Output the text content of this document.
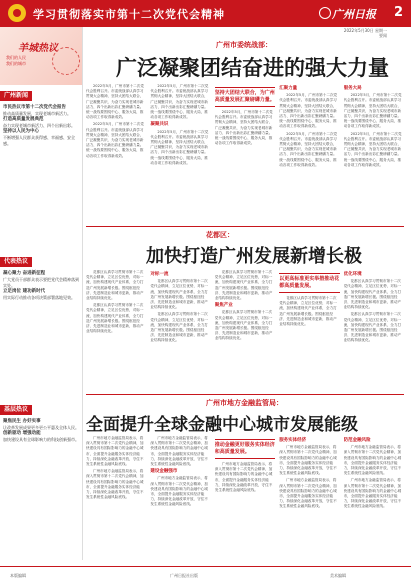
学习贯彻落实市第十二次党代会精神	广州日报 2
2022年5月30日 星期一
要闻
羊城热议
我们的人民
我们的城市
广州新闻
市民热议市第十二次党代会报告
推动高质量发展，实现老城市新活力。
打造高质量发展典范
奋力实现老城市新活力、四个出新出彩。
坚持以人民为中心
不断增强人民群众获得感、幸福感、安全感。
代表热议
凝心聚力 奋进新征程
广大党员干部群众表示要把党代会精神落到实处。
立足岗位 建功新时代
用实际行动推动各项决策部署落地见效。
基层热议
聚焦民生 办好实事
让改革发展成果更多更公平惠及全体人民。
创新驱动 增强动能
加快建设具有全球影响力的科技创新强市。
广州市委统战部：
广泛凝聚团结奋进的强大力量

2022年5月，广州市第十二次党代会胜利召开。市委统战部认真学习贯彻大会精神，坚持大团结大联合，广泛凝聚共识，为奋力实现老城市新活力、四个出新出彩汇聚磅礴力量。统一战线要围绕中心、服务大局，推动各项工作取得新成效。

2022年5月，广州市第十二次党代会胜利召开。市委统战部认真学习贯彻大会精神，坚持大团结大联合，广泛凝聚共识，为奋力实现老城市新活力、四个出新出彩汇聚磅礴力量。统一战线要围绕中心、服务大局，推动各项工作取得新成效。

2022年5月，广州市第十二次党代会胜利召开。市委统战部认真学习贯彻大会精神，坚持大团结大联合，广泛凝聚共识，为奋力实现老城市新活力、四个出新出彩汇聚磅礴力量。统一战线要围绕中心、服务大局，推动各项工作取得新成效。

凝聚共识

2022年5月，广州市第十二次党代会胜利召开。市委统战部认真学习贯彻大会精神，坚持大团结大联合，广泛凝聚共识，为奋力实现老城市新活力、四个出新出彩汇聚磅礴力量。统一战线要围绕中心、服务大局，推动各项工作取得新成效。

坚持大团结大联合，为广州高质量发展汇聚磅礴力量。

2022年5月，广州市第十二次党代会胜利召开。市委统战部认真学习贯彻大会精神，坚持大团结大联合，广泛凝聚共识，为奋力实现老城市新活力、四个出新出彩汇聚磅礴力量。统一战线要围绕中心、服务大局，推动各项工作取得新成效。

汇聚力量

2022年5月，广州市第十二次党代会胜利召开。市委统战部认真学习贯彻大会精神，坚持大团结大联合，广泛凝聚共识，为奋力实现老城市新活力、四个出新出彩汇聚磅礴力量。统一战线要围绕中心、服务大局，推动各项工作取得新成效。

2022年5月，广州市第十二次党代会胜利召开。市委统战部认真学习贯彻大会精神，坚持大团结大联合，广泛凝聚共识，为奋力实现老城市新活力、四个出新出彩汇聚磅礴力量。统一战线要围绕中心、服务大局，推动各项工作取得新成效。

服务大局

2022年5月，广州市第十二次党代会胜利召开。市委统战部认真学习贯彻大会精神，坚持大团结大联合，广泛凝聚共识，为奋力实现老城市新活力、四个出新出彩汇聚磅礴力量。统一战线要围绕中心、服务大局，推动各项工作取得新成效。

2022年5月，广州市第十二次党代会胜利召开。市委统战部认真学习贯彻大会精神，坚持大团结大联合，广泛凝聚共识，为奋力实现老城市新活力、四个出新出彩汇聚磅礴力量。统一战线要围绕中心、服务大局，推动各项工作取得新成效。

花都区：
加快打造广州发展新增长极

花都区认真学习贯彻市第十二次党代会精神，立足区位优势，对标一流，加快构建现代产业体系，全力打造广州发展新增长极。围绕枢纽经济、先进制造业和城市更新，推动产业结构持续优化。

花都区认真学习贯彻市第十二次党代会精神，立足区位优势，对标一流，加快构建现代产业体系，全力打造广州发展新增长极。围绕枢纽经济、先进制造业和城市更新，推动产业结构持续优化。

对标一流

花都区认真学习贯彻市第十二次党代会精神，立足区位优势，对标一流，加快构建现代产业体系，全力打造广州发展新增长极。围绕枢纽经济、先进制造业和城市更新，推动产业结构持续优化。

花都区认真学习贯彻市第十二次党代会精神，立足区位优势，对标一流，加快构建现代产业体系，全力打造广州发展新增长极。围绕枢纽经济、先进制造业和城市更新，推动产业结构持续优化。

花都区认真学习贯彻市第十二次党代会精神，立足区位优势，对标一流，加快构建现代产业体系，全力打造广州发展新增长极。围绕枢纽经济、先进制造业和城市更新，推动产业结构持续优化。

聚焦产业

花都区认真学习贯彻市第十二次党代会精神，立足区位优势，对标一流，加快构建现代产业体系，全力打造广州发展新增长极。围绕枢纽经济、先进制造业和城市更新，推动产业结构持续优化。

以更高标准更实举措推动花都高质量发展。

花都区认真学习贯彻市第十二次党代会精神，立足区位优势，对标一流，加快构建现代产业体系，全力打造广州发展新增长极。围绕枢纽经济、先进制造业和城市更新，推动产业结构持续优化。

优化环境

花都区认真学习贯彻市第十二次党代会精神，立足区位优势，对标一流，加快构建现代产业体系，全力打造广州发展新增长极。围绕枢纽经济、先进制造业和城市更新，推动产业结构持续优化。

花都区认真学习贯彻市第十二次党代会精神，立足区位优势，对标一流，加快构建现代产业体系，全力打造广州发展新增长极。围绕枢纽经济、先进制造业和城市更新，推动产业结构持续优化。

广州市地方金融监管局：
全面提升全球金融中心城市发展能级

广州市地方金融监管局表示，将深入贯彻市第十二次党代会精神，加快建设具有国际影响力的金融中心城市，全面提升金融服务实体经济能力，持续深化金融改革开放，守住不发生系统性金融风险底线。

广州市地方金融监管局表示，将深入贯彻市第十二次党代会精神，加快建设具有国际影响力的金融中心城市，全面提升金融服务实体经济能力，持续深化金融改革开放，守住不发生系统性金融风险底线。

广州市地方金融监管局表示，将深入贯彻市第十二次党代会精神，加快建设具有国际影响力的金融中心城市，全面提升金融服务实体经济能力，持续深化金融改革开放，守住不发生系统性金融风险底线。

建设金融强市

广州市地方金融监管局表示，将深入贯彻市第十二次党代会精神，加快建设具有国际影响力的金融中心城市，全面提升金融服务实体经济能力，持续深化金融改革开放，守住不发生系统性金融风险底线。

推动金融更好服务实体经济和高质量发展。

广州市地方金融监管局表示，将深入贯彻市第十二次党代会精神，加快建设具有国际影响力的金融中心城市，全面提升金融服务实体经济能力，持续深化金融改革开放，守住不发生系统性金融风险底线。

服务实体经济

广州市地方金融监管局表示，将深入贯彻市第十二次党代会精神，加快建设具有国际影响力的金融中心城市，全面提升金融服务实体经济能力，持续深化金融改革开放，守住不发生系统性金融风险底线。

广州市地方金融监管局表示，将深入贯彻市第十二次党代会精神，加快建设具有国际影响力的金融中心城市，全面提升金融服务实体经济能力，持续深化金融改革开放，守住不发生系统性金融风险底线。

防范金融风险

广州市地方金融监管局表示，将深入贯彻市第十二次党代会精神，加快建设具有国际影响力的金融中心城市，全面提升金融服务实体经济能力，持续深化金融改革开放，守住不发生系统性金融风险底线。

广州市地方金融监管局表示，将深入贯彻市第十二次党代会精神，加快建设具有国际影响力的金融中心城市，全面提升金融服务实体经济能力，持续深化金融改革开放，守住不发生系统性金融风险底线。

本版编辑	广州日报社出版	美术编辑
